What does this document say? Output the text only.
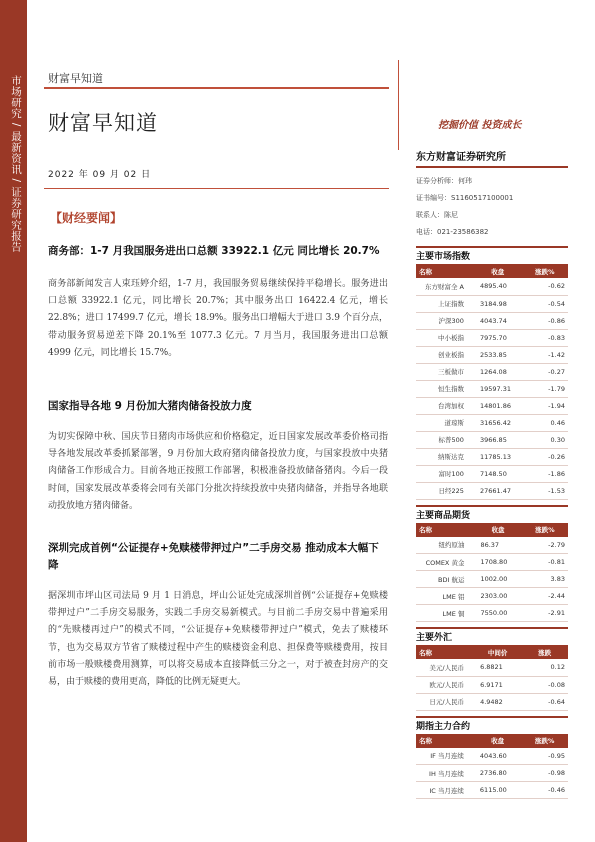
市场研究 / 最新资讯 / 证券研究报告 财富早知道
财富早知道	挖掘价值 投资成长
2022 年 09 月 02 日
【财经要闻】
商务部：1-7 月我国服务进出口总额 33922.1 亿元 同比增长 20.7%
商务部新闻发言人束珏婷介绍，1-7 月，我国服务贸易继续保持平稳增长。服务进出口总额 33922.1 亿元，同比增长 20.7%；其中服务出口 16422.4 亿元，增长 22.8%；进口 17499.7 亿元，增长 18.9%。服务出口增幅大于进口 3.9 个百分点，带动服务贸易逆差下降 20.1%至 1077.3 亿元。7 月当月，我国服务进出口总额 4999 亿元，同比增长 15.7%。
国家指导各地 9 月份加大猪肉储备投放力度
为切实保障中秋、国庆节日猪肉市场供应和价格稳定，近日国家发展改革委价格司指导各地发展改革委抓紧部署，9 月份加大政府猪肉储备投放力度，与国家投放中央猪肉储备工作形成合力。目前各地正按照工作部署，积极准备投放储备猪肉。今后一段时间，国家发展改革委将会同有关部门分批次持续投放中央猪肉储备，并指导各地联动投放地方猪肉储备。
深圳完成首例“公证提存+免赎楼带押过户”二手房交易 推动成本大幅下降
据深圳市坪山区司法局 9 月 1 日消息，坪山公证处完成深圳首例“公证提存+免赎楼带押过户”二手房交易服务，实践二手房交易新模式。与目前二手房交易中普遍采用的“先赎楼再过户”的模式不同，“公证提存+免赎楼带押过户”模式，免去了赎楼环节，也为交易双方节省了赎楼过程中产生的赎楼资金利息、担保费等赎楼费用，按目前市场一般赎楼费用测算，可以将交易成本直接降低三分之一，对于被查封房产的交易，由于赎楼的费用更高，降低的比例无疑更大。
东方财富证券研究所
证券分析师：何玮
证书编号：S1160517100001
联系人：陈尼
电话：021-23586382
主要市场指数
名称	收盘	涨跌%
东方财富全 A	4895.40	-0.62
上证指数	3184.98	-0.54
沪深300	4043.74	-0.86
中小板指	7975.70	-0.83
创业板指	2533.85	-1.42
三板做市	1264.08	-0.27
恒生指数	19597.31	-1.79
台湾加权	14801.86	-1.94
道琼斯	31656.42	0.46
标普500	3966.85	0.30
纳斯达克	11785.13	-0.26
富时100	7148.50	-1.86
日经225	27661.47	-1.53
主要商品期货
名称	收盘	涨跌%
纽约原油	86.37	-2.79
COMEX 黄金	1708.80	-0.81
BDI 航运	1002.00	3.83
LME 铝	2303.00	-2.44
LME 铜	7550.00	-2.91
主要外汇
名称	中间价	涨跌
美元/人民币	6.8821	0.12
欧元/人民币	6.9171	-0.08
日元/人民币	4.9482	-0.64
期指主力合约
名称	收盘	涨跌%
IF 当月连续	4043.60	-0.95
IH 当月连续	2736.80	-0.98
IC 当月连续	6115.00	-0.46
